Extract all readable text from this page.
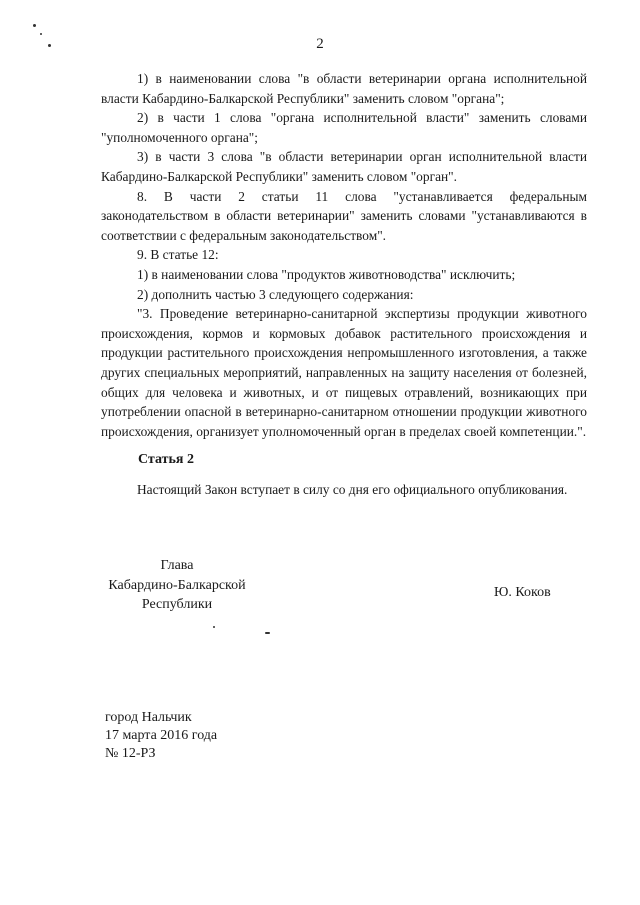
2

1) в наименовании слова "в области ветеринарии органа исполнительной власти Кабардино-Балкарской Республики" заменить словом "органа";

2) в части 1 слова "органа исполнительной власти" заменить словами "уполномоченного органа";

3) в части 3 слова "в области ветеринарии орган исполнительной власти Кабардино-Балкарской Республики" заменить словом "орган".

8. В части 2 статьи 11 слова "устанавливается федеральным законодательством в области ветеринарии" заменить словами "устанавливаются в соответствии с федеральным законодательством".

9. В статье 12:

1) в наименовании слова "продуктов животноводства" исключить;

2) дополнить частью 3 следующего содержания:

"3. Проведение ветеринарно-санитарной экспертизы продукции животного происхождения, кормов и кормовых добавок растительного происхождения и продукции растительного происхождения непромышленного изготовления, а также других специальных мероприятий, направленных на защиту населения от болезней, общих для человека и животных, и от пищевых отравлений, возникающих при употреблении опасной в ветеринарно-санитарном отношении продукции животного происхождения, организует уполномоченный орган в пределах своей компетенции.".

Статья 2

Настоящий Закон вступает в силу со дня его официального опубликования.

Глава
Кабардино-Балкарской
Республики
Ю. Коков
город Нальчик
17 марта 2016 года
№ 12-РЗ
